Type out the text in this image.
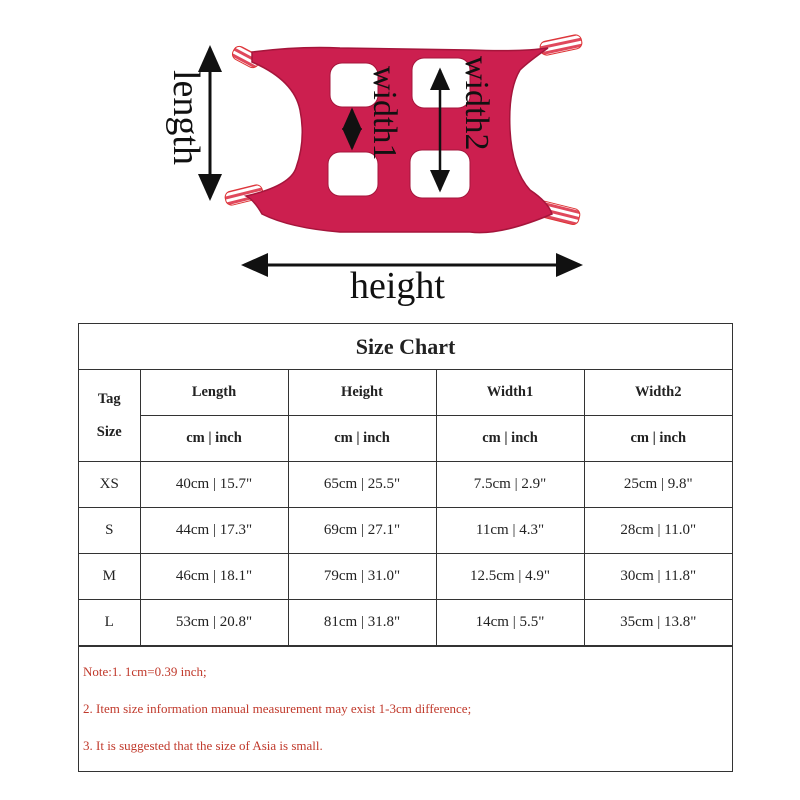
length
height
width1 width2
Size Chart
Tag
Size	Length	Height	Width1	Width2
	cm | inch	cm | inch	cm | inch	cm | inch
XS	40cm | 15.7"	65cm | 25.5"	7.5cm | 2.9"	25cm | 9.8"
S	44cm | 17.3"	69cm | 27.1"	11cm | 4.3"	28cm | 11.0"
M	46cm | 18.1"	79cm | 31.0"	12.5cm | 4.9"	30cm | 11.8"
L	53cm | 20.8"	81cm | 31.8"	14cm | 5.5"	35cm | 13.8"
Note:1. 1cm=0.39 inch;
2. Item size information manual measurement may exist 1-3cm difference;
3. It is suggested that the size of Asia is small.
